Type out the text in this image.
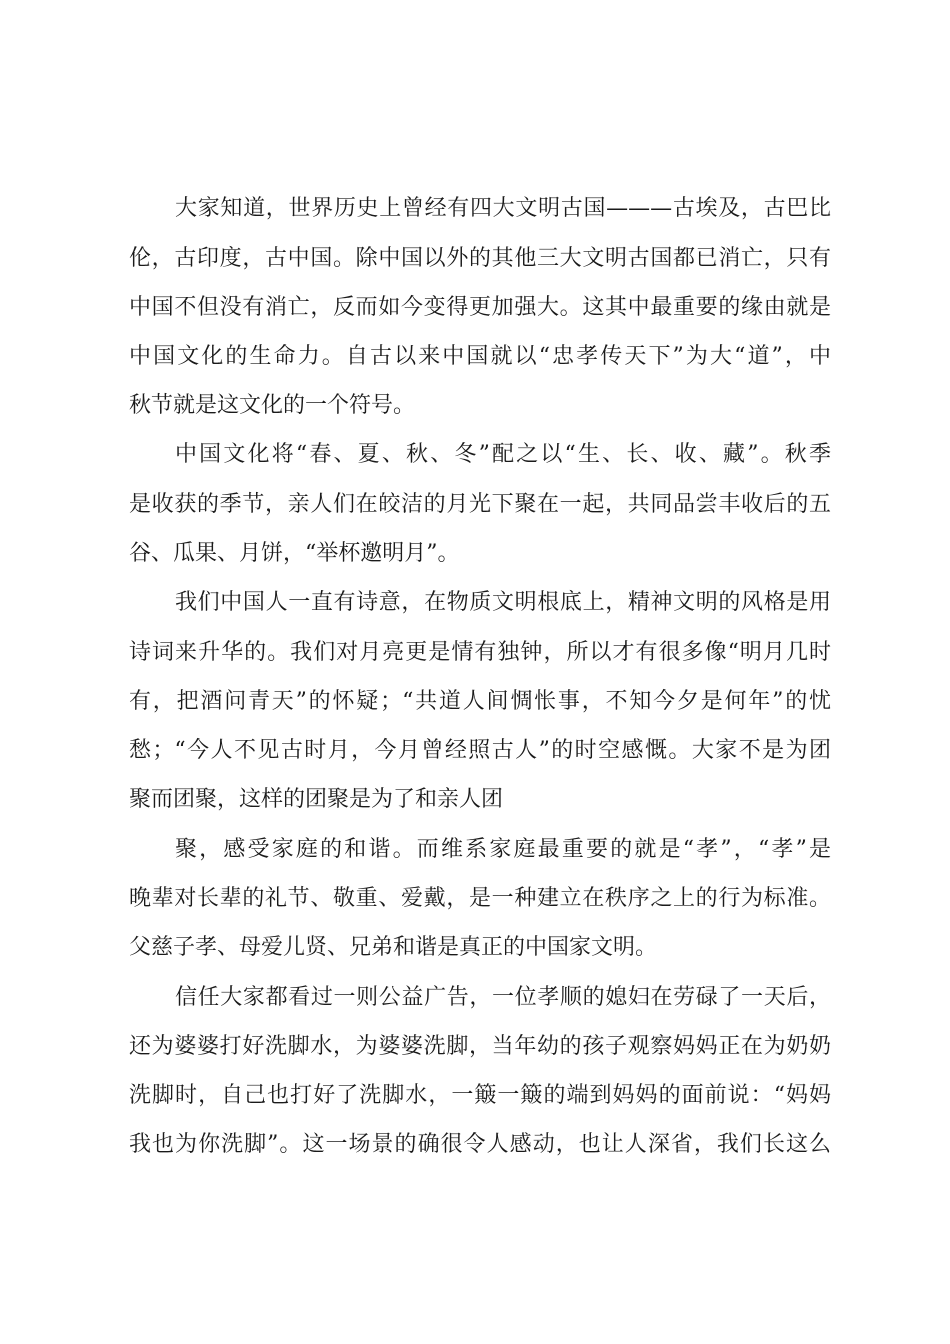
大家知道，世界历史上曾经有四大文明古国———古埃及，古巴比
伦，古印度，古中国。除中国以外的其他三大文明古国都已消亡，只有
中国不但没有消亡，反而如今变得更加强大。这其中最重要的缘由就是
中国文化的生命力。自古以来中国就以“忠孝传天下”为大“道”，中
秋节就是这文化的一个符号。
中国文化将“春、夏、秋、冬”配之以“生、长、收、藏”。秋季
是收获的季节，亲人们在皎洁的月光下聚在一起，共同品尝丰收后的五
谷、瓜果、月饼，“举杯邀明月”。
我们中国人一直有诗意，在物质文明根底上，精神文明的风格是用
诗词来升华的。我们对月亮更是情有独钟，所以才有很多像“明月几时
有，把酒问青天”的怀疑；“共道人间惆怅事，不知今夕是何年”的忧
愁；“今人不见古时月，今月曾经照古人”的时空感慨。大家不是为团
聚而团聚，这样的团聚是为了和亲人团
聚，感受家庭的和谐。而维系家庭最重要的就是“孝”，“孝”是
晚辈对长辈的礼节、敬重、爱戴，是一种建立在秩序之上的行为标准。
父慈子孝、母爱儿贤、兄弟和谐是真正的中国家文明。
信任大家都看过一则公益广告，一位孝顺的媳妇在劳碌了一天后，
还为婆婆打好洗脚水，为婆婆洗脚，当年幼的孩子观察妈妈正在为奶奶
洗脚时，自己也打好了洗脚水，一簸一簸的端到妈妈的面前说：“妈妈
我也为你洗脚”。这一场景的确很令人感动，也让人深省，我们长这么
